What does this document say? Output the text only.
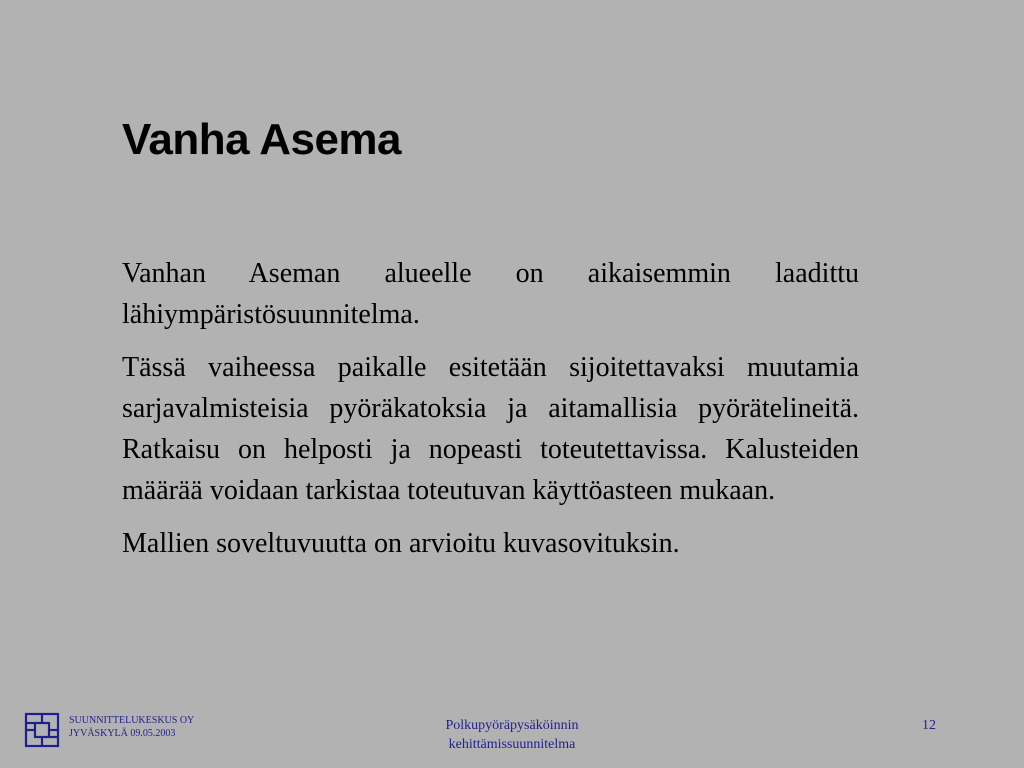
Vanha Asema

Vanhan Aseman alueelle on aikaisemmin laadittu lähiympäristösuunnitelma.

Tässä vaiheessa paikalle esitetään sijoitettavaksi muutamia sarjavalmisteisia pyöräkatoksia ja aitamallisia pyörätelineitä. Ratkaisu on helposti ja nopeasti toteutettavissa. Kalusteiden määrää voidaan tarkistaa toteutuvan käyttöasteen mukaan.

Mallien soveltuvuutta on arvioitu kuvasovituksin.

SUUNNITTELUKESKUS OY
JYVÄSKYLÄ 09.05.2003
Polkupyöräpysäköinnin
kehittämissuunnitelma
12
